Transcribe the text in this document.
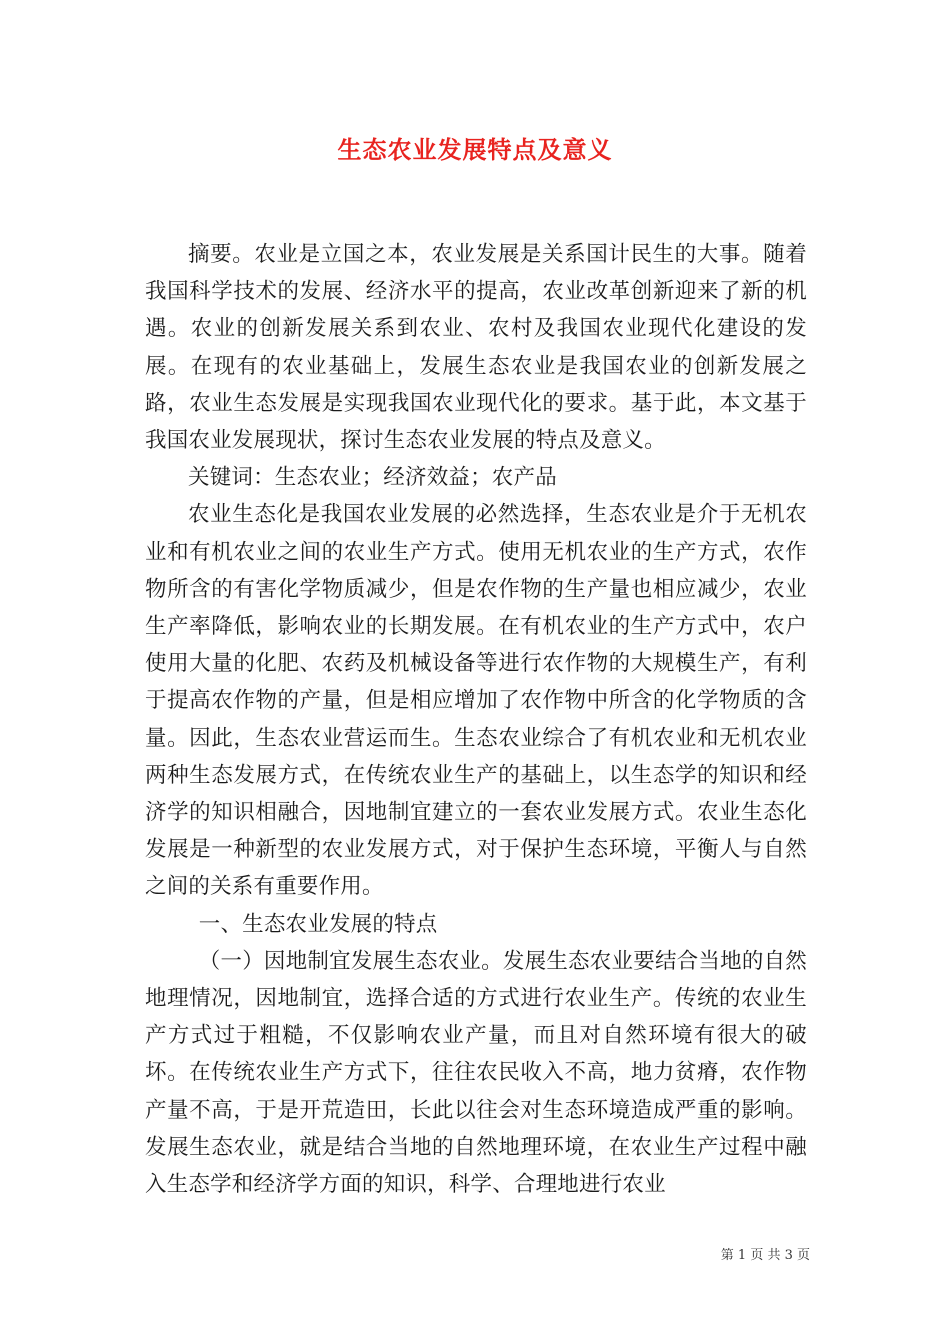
生态农业发展特点及意义

摘要。农业是立国之本，农业发展是关系国计民生的大事。随着我国科学技术的发展、经济水平的提高，农业改革创新迎来了新的机遇。农业的创新发展关系到农业、农村及我国农业现代化建设的发展。在现有的农业基础上，发展生态农业是我国农业的创新发展之路，农业生态发展是实现我国农业现代化的要求。基于此，本文基于我国农业发展现状，探讨生态农业发展的特点及意义。

关键词：生态农业；经济效益；农产品

农业生态化是我国农业发展的必然选择，生态农业是介于无机农业和有机农业之间的农业生产方式。使用无机农业的生产方式，农作物所含的有害化学物质减少，但是农作物的生产量也相应减少，农业生产率降低，影响农业的长期发展。在有机农业的生产方式中，农户使用大量的化肥、农药及机械设备等进行农作物的大规模生产，有利于提高农作物的产量，但是相应增加了农作物中所含的化学物质的含量。因此，生态农业营运而生。生态农业综合了有机农业和无机农业两种生态发展方式，在传统农业生产的基础上，以生态学的知识和经济学的知识相融合，因地制宜建立的一套农业发展方式。农业生态化发展是一种新型的农业发展方式，对于保护生态环境，平衡人与自然之间的关系有重要作用。

一、生态农业发展的特点

（一）因地制宜发展生态农业。发展生态农业要结合当地的自然地理情况，因地制宜，选择合适的方式进行农业生产。传统的农业生产方式过于粗糙，不仅影响农业产量，而且对自然环境有很大的破坏。在传统农业生产方式下，往往农民收入不高，地力贫瘠，农作物产量不高，于是开荒造田，长此以往会对生态环境造成严重的影响。发展生态农业，就是结合当地的自然地理环境，在农业生产过程中融入生态学和经济学方面的知识，科学、合理地进行农业

第 1 页 共 3 页
